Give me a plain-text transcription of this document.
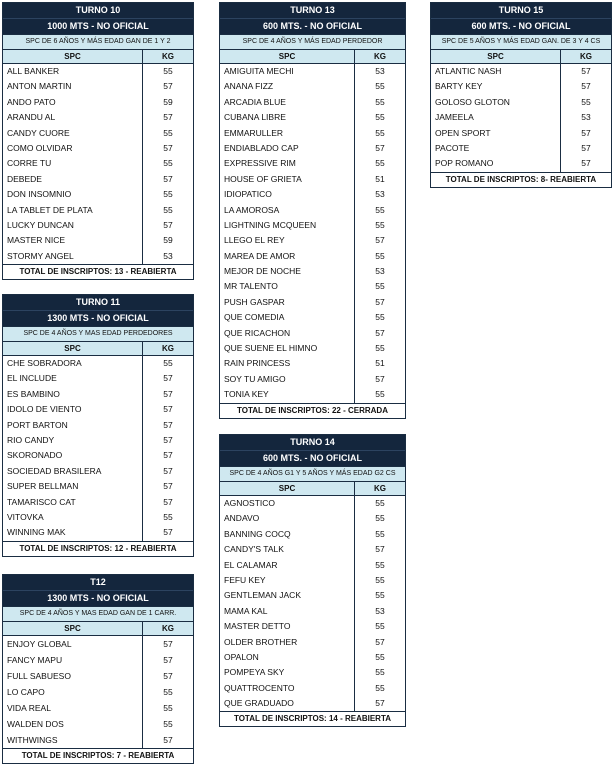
TURNO 10
1000 MTS - NO OFICIAL
SPC DE 6 AÑOS Y MÁS EDAD GAN DE 1 Y 2
SPC	KG
ALL BANKER	55
ANTON MARTIN	57
ANDO PATO	59
ARANDU AL	57
CANDY CUORE	55
COMO OLVIDAR	57
CORRE TU	55
DEBEDE	57
DON INSOMNIO	55
LA TABLET DE PLATA	55
LUCKY DUNCAN	57
MASTER NICE	59
STORMY ANGEL	53
TOTAL DE INSCRIPTOS: 13 - REABIERTA
TURNO 11
1300 MTS - NO OFICIAL
SPC DE 4 AÑOS Y MAS EDAD PERDEDORES
SPC	KG
CHE SOBRADORA	55
EL INCLUDE	57
ES BAMBINO	57
IDOLO DE VIENTO	57
PORT BARTON	57
RIO CANDY	57
SKORONADO	57
SOCIEDAD BRASILERA	57
SUPER BELLMAN	57
TAMARISCO CAT	57
VITOVKA	55
WINNING MAK	57
TOTAL DE INSCRIPTOS: 12 - REABIERTA
T12
1300 MTS - NO OFICIAL
SPC DE 4 AÑOS Y MAS EDAD GAN DE 1 CARR.
SPC	KG
ENJOY GLOBAL	57
FANCY MAPU	57
FULL SABUESO	57
LO CAPO	55
VIDA REAL	55
WALDEN DOS	55
WITHWINGS	57
TOTAL DE INSCRIPTOS: 7 - REABIERTA
TURNO 13
600 MTS. - NO OFICIAL
SPC DE 4 AÑOS Y MÁS EDAD PERDEDOR
SPC	KG
AMIGUITA MECHI	53
ANANA FIZZ	55
ARCADIA BLUE	55
CUBANA LIBRE	55
EMMARULLER	55
ENDIABLADO CAP	57
EXPRESSIVE RIM	55
HOUSE OF GRIETA	51
IDIOPATICO	53
LA AMOROSA	55
LIGHTNING MCQUEEN	55
LLEGO EL REY	57
MAREA DE AMOR	55
MEJOR DE NOCHE	53
MR TALENTO	55
PUSH GASPAR	57
QUE COMEDIA	55
QUE RICACHON	57
QUE SUENE EL HIMNO	55
RAIN PRINCESS	51
SOY TU AMIGO	57
TONIA KEY	55
TOTAL DE INSCRIPTOS: 22 - CERRADA
TURNO 14
600 MTS. - NO OFICIAL
SPC DE 4 AÑOS G1 Y 5 AÑOS Y MÁS EDAD G2 CS
SPC	KG
AGNOSTICO	55
ANDAVO	55
BANNING COCQ	55
CANDY'S TALK	57
EL CALAMAR	55
FEFU KEY	55
GENTLEMAN JACK	55
MAMA KAL	53
MASTER DETTO	55
OLDER BROTHER	57
OPALON	55
POMPEYA SKY	55
QUATTROCENTO	55
QUE GRADUADO	57
TOTAL DE INSCRIPTOS: 14 - REABIERTA
TURNO 15
600 MTS. - NO OFICIAL
SPC DE 5 AÑOS Y MÁS EDAD GAN. DE 3 Y 4 CS
SPC	KG
ATLANTIC NASH	57
BARTY KEY	57
GOLOSO GLOTON	55
JAMEELA	53
OPEN SPORT	57
PACOTE	57
POP ROMANO	57
TOTAL DE INSCRIPTOS: 8- REABIERTA
